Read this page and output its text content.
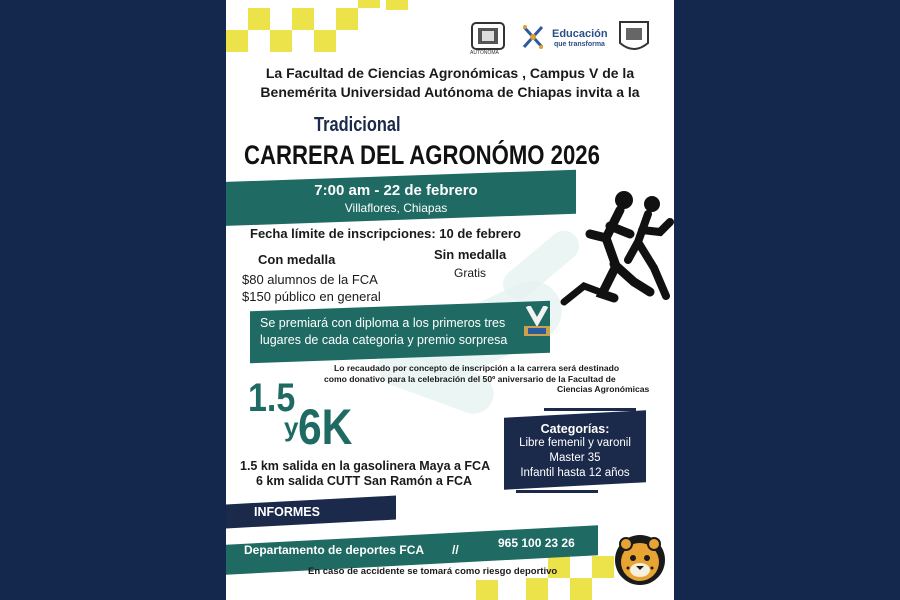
AUTÓNOMA
Educación
que transforma
La Facultad de Ciencias Agronómicas , Campus V de la
Benemérita Universidad Autónoma de Chiapas invita a la
Tradicional
CARRERA DEL AGRONÓMO 2026
7:00 am - 22 de febrero
Villaflores, Chiapas
Fecha límite de inscripciones: 10 de febrero
Con medalla
$80 alumnos de la FCA
$150 público en general
Sin medalla
Gratis
Se premiará con diploma a los primeros tres
lugares de cada categoria y premio sorpresa
Lo recaudado por concepto de inscripción a la carrera será destinado
como donativo para la celebración del 50º aniversario de la Facultad de
Ciencias Agronómicas
1.5
y 6K
1.5 km salida en la gasolinera Maya a FCA
6 km salida CUTT San Ramón a FCA
Categorías:
Libre femenil y varonil
Master 35
Infantil hasta 12 años
INFORMES
Departamento de deportes FCA //	965 100 23 26
En caso de accidente se tomará como riesgo deportivo
